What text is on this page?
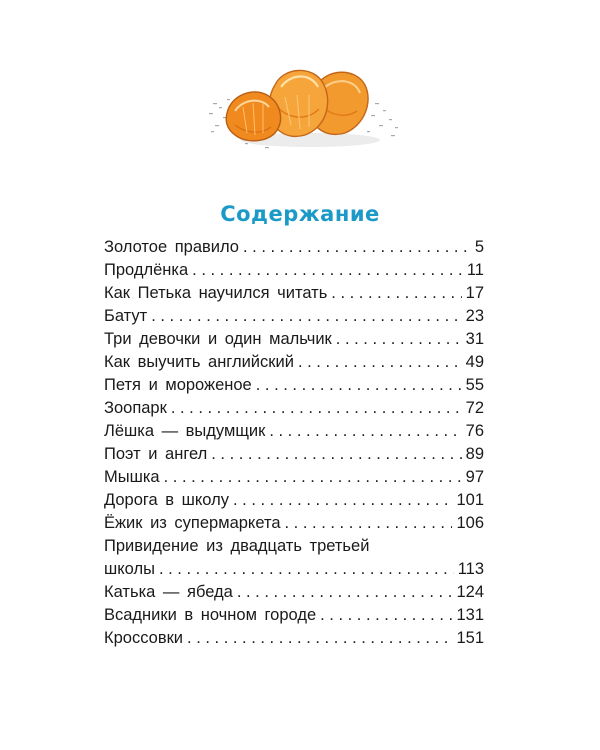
Содержание
Золотое правило . . .	5
Продлёнка . . .	11
Как Петька научился читать . . .	17
Батут . . .	23
Три девочки и один мальчик . . .	31
Как выучить английский . . .	49
Петя и мороженое . . .	55
Зоопарк . . .	72
Лёшка — выдумщик . . .	76
Поэт и ангел . . .	89
Мышка . . .	97
Дорога в школу . . .	101
Ёжик из супермаркета . . .	106
Привидение из двадцать третьей
школы . . .	113
Катька — ябеда . . .	124
Всадники в ночном городе . . .	131
Кроссовки . . .	151
